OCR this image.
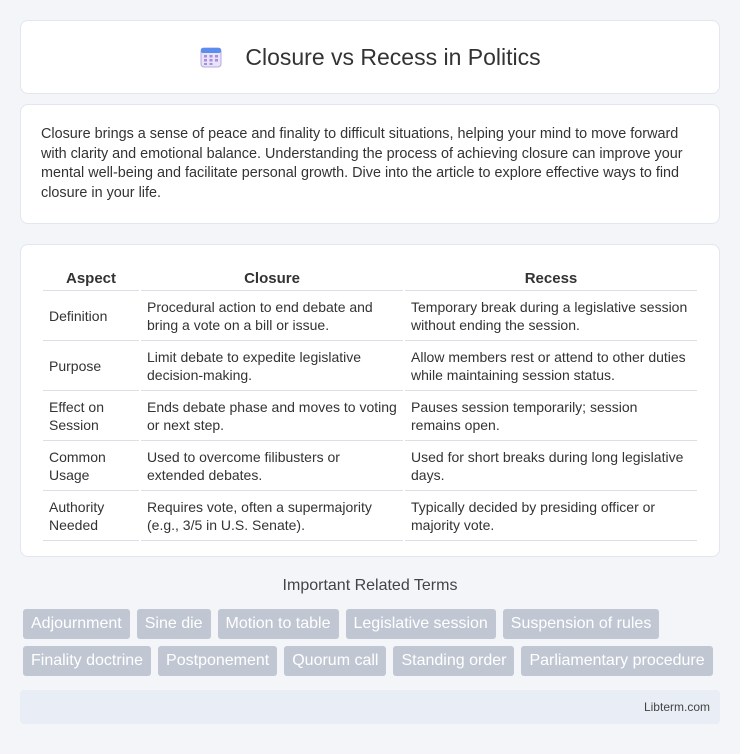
Closure vs Recess in Politics

Closure brings a sense of peace and finality to difficult situations, helping your mind to move forward with clarity and emotional balance. Understanding the process of achieving closure can improve your mental well-being and facilitate personal growth. Dive into the article to explore effective ways to find closure in your life.

Aspect	Closure	Recess
Definition	Procedural action to end debate and bring a vote on a bill or issue.	Temporary break during a legislative session without ending the session.
Purpose	Limit debate to expedite legislative decision-making.	Allow members rest or attend to other duties while maintaining session status.
Effect on Session	Ends debate phase and moves to voting or next step.	Pauses session temporarily; session remains open.
Common Usage	Used to overcome filibusters or extended debates.	Used for short breaks during long legislative days.
Authority Needed	Requires vote, often a supermajority (e.g., 3/5 in U.S. Senate).	Typically decided by presiding officer or majority vote.
Important Related Terms
Adjournment	Sine die	Motion to table	Legislative session	Suspension of rules
Finality doctrine	Postponement	Quorum call	Standing order	Parliamentary procedure
Libterm.com
